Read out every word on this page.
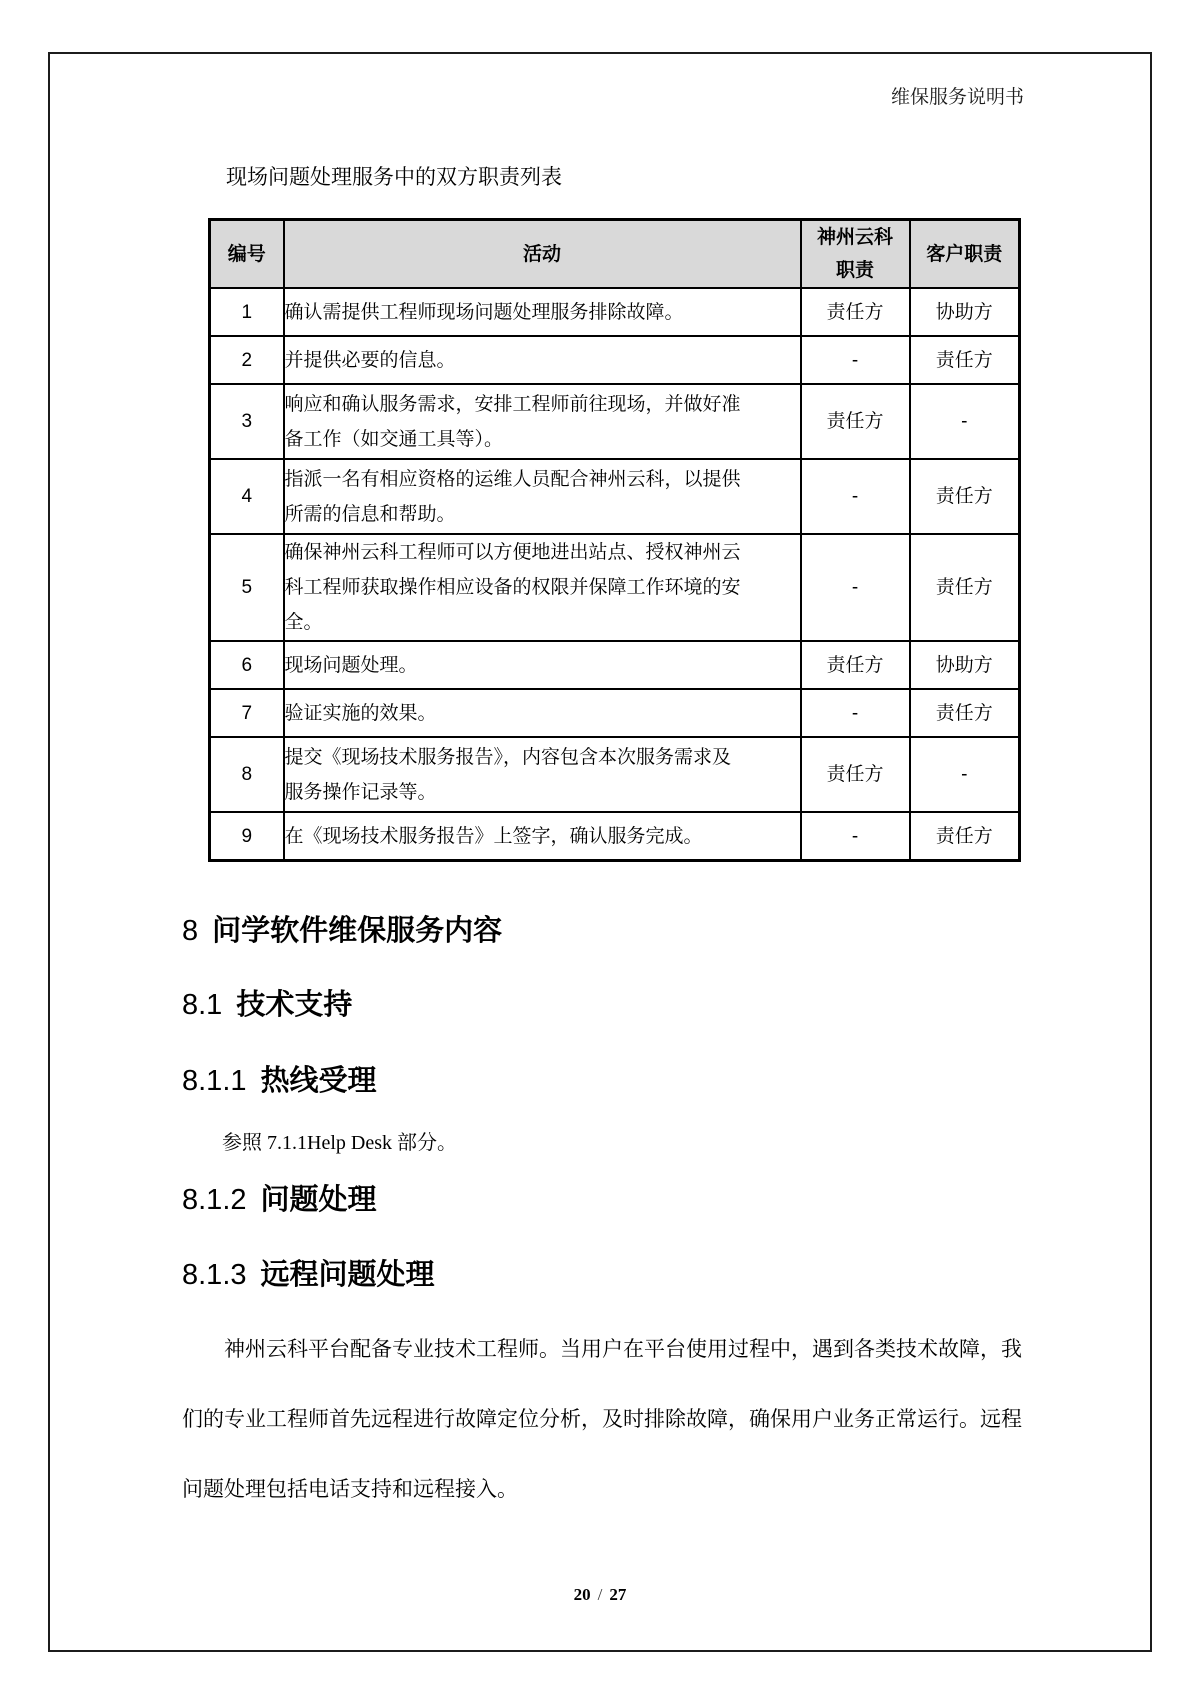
维保服务说明书
现场问题处理服务中的双方职责列表
编号	活动	神州云科职责	客户职责
1	确认需提供工程师现场问题处理服务排除故障。	责任方	协助方
2	并提供必要的信息。	-	责任方
3	响应和确认服务需求，安排工程师前往现场，并做好准备工作（如交通工具等）。	责任方	-
4	指派一名有相应资格的运维人员配合神州云科，以提供所需的信息和帮助。	-	责任方
5	确保神州云科工程师可以方便地进出站点、授权神州云科工程师获取操作相应设备的权限并保障工作环境的安全。	-	责任方
6	现场问题处理。	责任方	协助方
7	验证实施的效果。	-	责任方
8	提交《现场技术服务报告》，内容包含本次服务需求及服务操作记录等。	责任方	-
9	在《现场技术服务报告》上签字，确认服务完成。	-	责任方
8 问学软件维保服务内容
8.1 技术支持
8.1.1 热线受理
参照 7.1.1Help Desk 部分。
8.1.2 问题处理
8.1.3 远程问题处理
神州云科平台配备专业技术工程师。当用户在平台使用过程中，遇到各类技术故障，我
们的专业工程师首先远程进行故障定位分析，及时排除故障，确保用户业务正常运行。远程
问题处理包括电话支持和远程接入。
20 / 27
